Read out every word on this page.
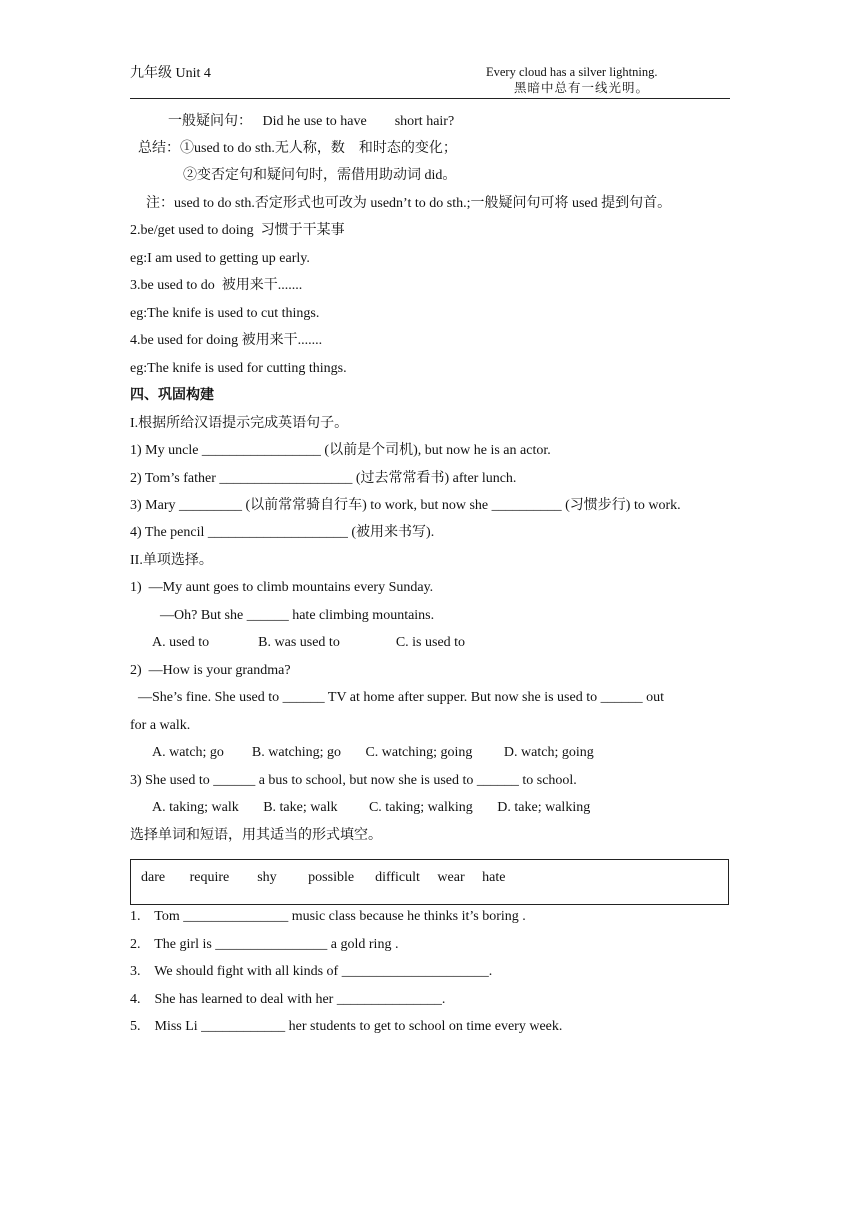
九年级 Unit 4	Every cloud has a silver lightning.
黑暗中总有一线光明。
一般疑问句：   Did he use to have        short hair?
总结：①used to do sth.无人称，数    和时态的变化；
②变否定句和疑问句时，需借用助动词 did。
注：used to do sth.否定形式也可改为 usedn’t to do sth.;一般疑问句可将 used 提到句首。
2.be/get used to doing  习惯于干某事
eg:I am used to getting up early.
3.be used to do  被用来干.......
eg:The knife is used to cut things.
4.be used for doing 被用来干.......
eg:The knife is used for cutting things.
四、巩固构建
I.根据所给汉语提示完成英语句子。
1) My uncle _________________ (以前是个司机), but now he is an actor.
2) Tom’s father ___________________ (过去常常看书) after lunch.
3) Mary _________ (以前常常骑自行车) to work, but now she __________ (习惯步行) to work.
4) The pencil ____________________ (被用来书写).
II.单项选择。
1)  —My aunt goes to climb mountains every Sunday.
—Oh? But she ______ hate climbing mountains.
A. used to              B. was used to                C. is used to
2)  —How is your grandma?
—She’s fine. She used to ______ TV at home after supper. But now she is used to ______ out
for a walk.
A. watch; go        B. watching; go       C. watching; going         D. watch; going
3) She used to ______ a bus to school, but now she is used to ______ to school.
A. taking; walk       B. take; walk         C. taking; walking       D. take; walking
选择单词和短语，用其适当的形式填空。
dare       require        shy         possible      difficult     wear     hate
1.    Tom _______________ music class because he thinks it’s boring .
2.    The girl is ________________ a gold ring .
3.    We should fight with all kinds of _____________________.
4.    She has learned to deal with her _______________.
5.    Miss Li ____________ her students to get to school on time every week.
